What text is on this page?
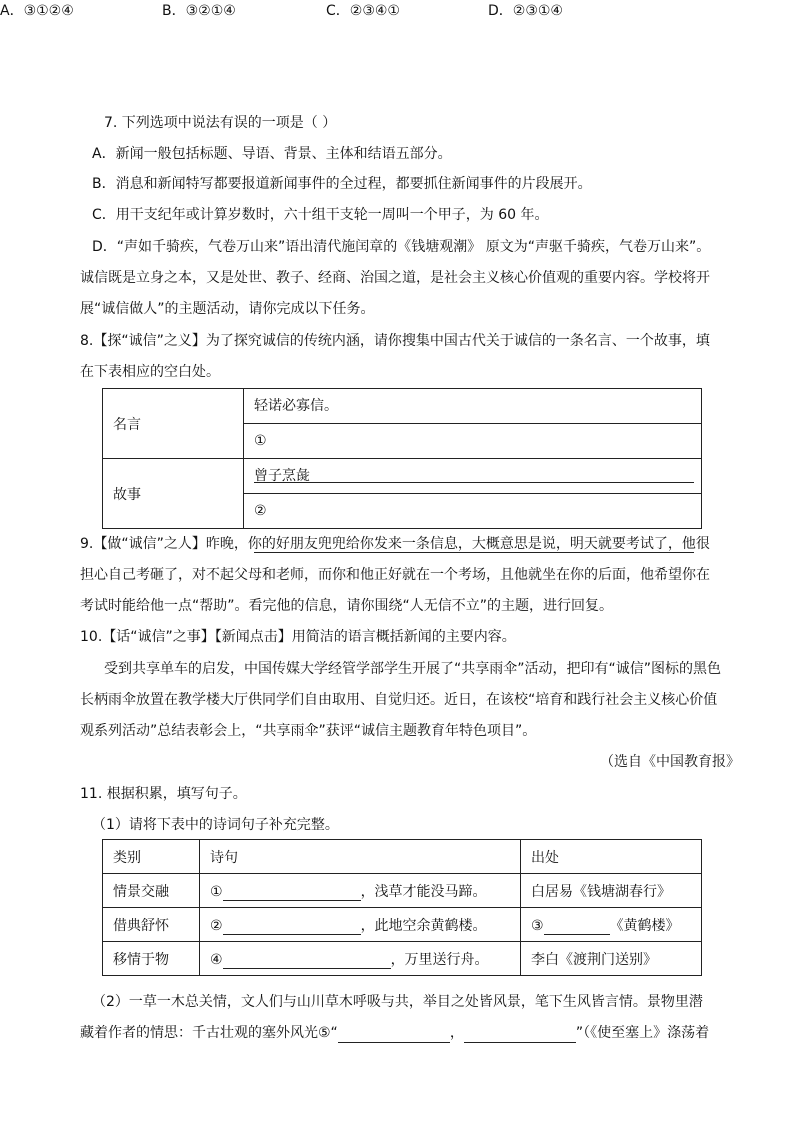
A．③①②④	B．③②①④	C．②③④①	D．②③①④
7. 下列选项中说法有误的一项是（ ）
A．新闻一般包括标题、导语、背景、主体和结语五部分。
B．消息和新闻特写都要报道新闻事件的全过程，都要抓住新闻事件的片段展开。
C．用干支纪年或计算岁数时，六十组干支轮一周叫一个甲子，为 60 年。
D．“声如千骑疾，气卷万山来”语出清代施闰章的《钱塘观潮》 原文为“声驱千骑疾，气卷万山来”。
诚信既是立身之本，又是处世、教子、经商、治国之道，是社会主义核心价值观的重要内容。学校将开
展“诚信做人”的主题活动，请你完成以下任务。
8.【探“诚信”之义】为了探究诚信的传统内涵，请你搜集中国古代关于诚信的一条名言、一个故事，填
在下表相应的空白处。
名言	轻诺必寡信。
①

故事	曾子烹彘
②
9.【做“诚信”之人】昨晚，你的好朋友兜兜给你发来一条信息，大概意思是说，明天就要考试了，他很
担心自己考砸了，对不起父母和老师，而你和他正好就在一个考场，且他就坐在你的后面，他希望你在
考试时能给他一点“帮助”。看完他的信息，请你围绕“人无信不立”的主题，进行回复。
10.【话“诚信”之事】【新闻点击】用简洁的语言概括新闻的主要内容。
受到共享单车的启发，中国传媒大学经管学部学生开展了“共享雨伞”活动，把印有“诚信”图标的黑色
长柄雨伞放置在教学楼大厅供同学们自由取用、自觉归还。近日，在该校“培育和践行社会主义核心价值
观系列活动”总结表彰会上，“共享雨伞”获评“诚信主题教育年特色项目”。
（选自《中国教育报》
11. 根据积累，填写句子。
（1）请将下表中的诗词句子补充完整。
类别	诗句	出处
情景交融	① ，浅草才能没马蹄。	白居易《钱塘湖春行》
借典舒怀	② ，此地空余黄鹤楼。	③ 《黄鹤楼》
移情于物	④ ，万里送行舟。	李白《渡荆门送别》
（2）一草一木总关情，文人们与山川草木呼吸与共，举目之处皆风景，笔下生风皆言情。景物里潜
藏着作者的情思：千古壮观的塞外风光⑤“	，	”（《使至塞上》涤荡着
